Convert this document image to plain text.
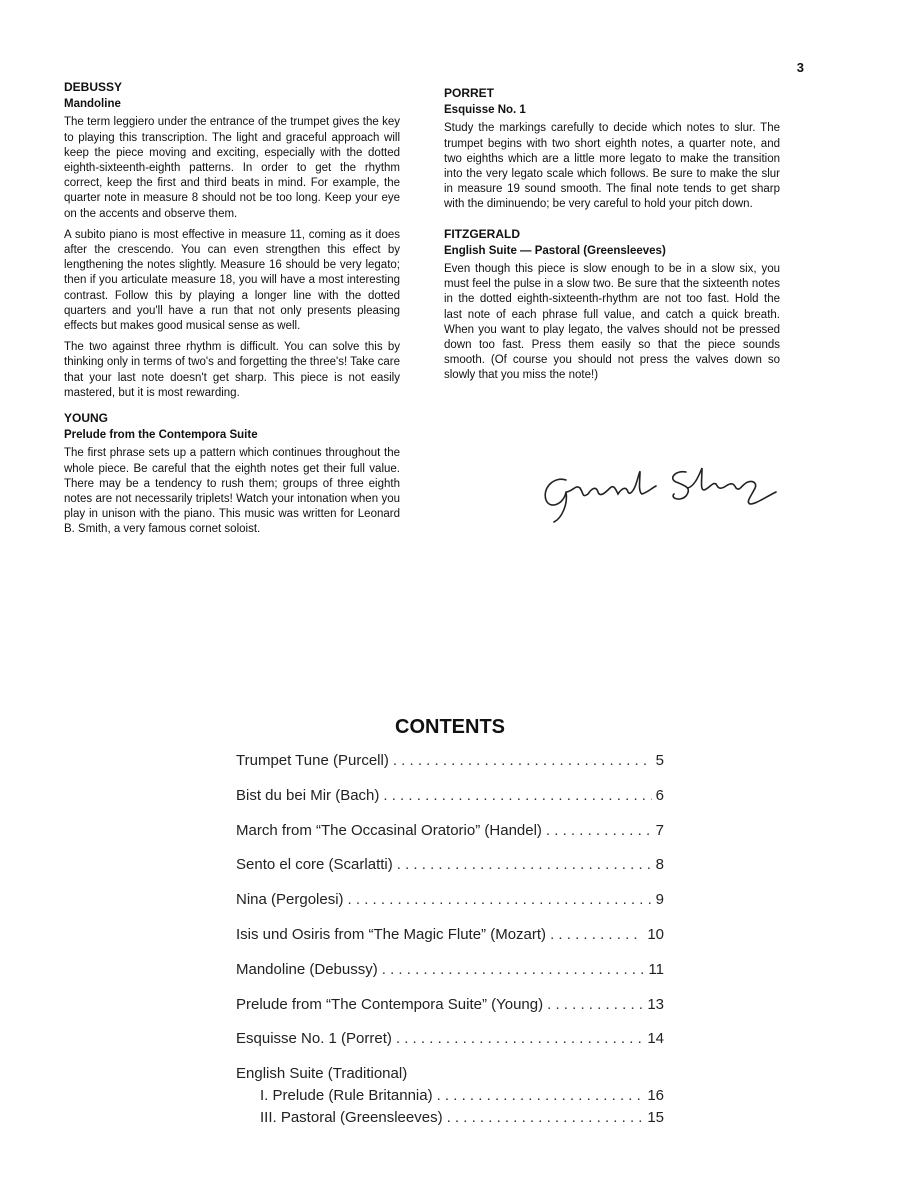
3
DEBUSSY
Mandoline

The term leggiero under the entrance of the trumpet gives the key to playing this transcription. The light and graceful approach will keep the piece moving and exciting, especially with the dotted eighth-sixteenth-eighth patterns. In order to get the rhythm correct, keep the first and third beats in mind. For example, the quarter note in measure 8 should not be too long. Keep your eye on the accents and observe them.

A subito piano is most effective in measure 11, coming as it does after the crescendo. You can even strengthen this effect by lengthening the notes slightly. Measure 16 should be very legato; then if you articulate measure 18, you will have a most interesting contrast. Follow this by playing a longer line with the dotted quarters and you'll have a run that not only presents pleasing effects but makes good musical sense as well.

The two against three rhythm is difficult. You can solve this by thinking only in terms of two's and forgetting the three's! Take care that your last note doesn't get sharp. This piece is not easily mastered, but it is most rewarding.

YOUNG
Prelude from the Contempora Suite

The first phrase sets up a pattern which continues throughout the whole piece. Be careful that the eighth notes get their full value. There may be a tendency to rush them; groups of three eighth notes are not necessarily triplets! Watch your intonation when you play in unison with the piano. This music was written for Leonard B. Smith, a very famous cornet soloist.

PORRET
Esquisse No. 1

Study the markings carefully to decide which notes to slur. The trumpet begins with two short eighth notes, a quarter note, and two eighths which are a little more legato to make the transition into the very legato scale which follows. Be sure to make the slur in measure 19 sound smooth. The final note tends to get sharp with the diminuendo; be very careful to hold your pitch down.

FITZGERALD
English Suite — Pastoral (Greensleeves)

Even though this piece is slow enough to be in a slow six, you must feel the pulse in a slow two. Be sure that the sixteenth notes in the dotted eighth-sixteenth-rhythm are not too fast. Hold the last note of each phrase full value, and catch a quick breath. When you want to play legato, the valves should not be pressed down too fast. Press them easily so that the piece sounds smooth. (Of course you should not press the valves down so slowly that you miss the note!)

CONTENTS
Trumpet Tune (Purcell) . . .	5
Bist du bei Mir (Bach) . . .	6
March from “The Occasinal Oratorio” (Handel) . . .	7
Sento el core (Scarlatti) . . .	8
Nina (Pergolesi) . . .	9
Isis und Osiris from “The Magic Flute” (Mozart) . . .	10
Mandoline (Debussy) . . .	11
Prelude from “The Contempora Suite” (Young) . . .	13
Esquisse No. 1 (Porret) . . .	14
English Suite (Traditional)
I. Prelude (Rule Britannia) . . .	16
III. Pastoral (Greensleeves) . . .	15
